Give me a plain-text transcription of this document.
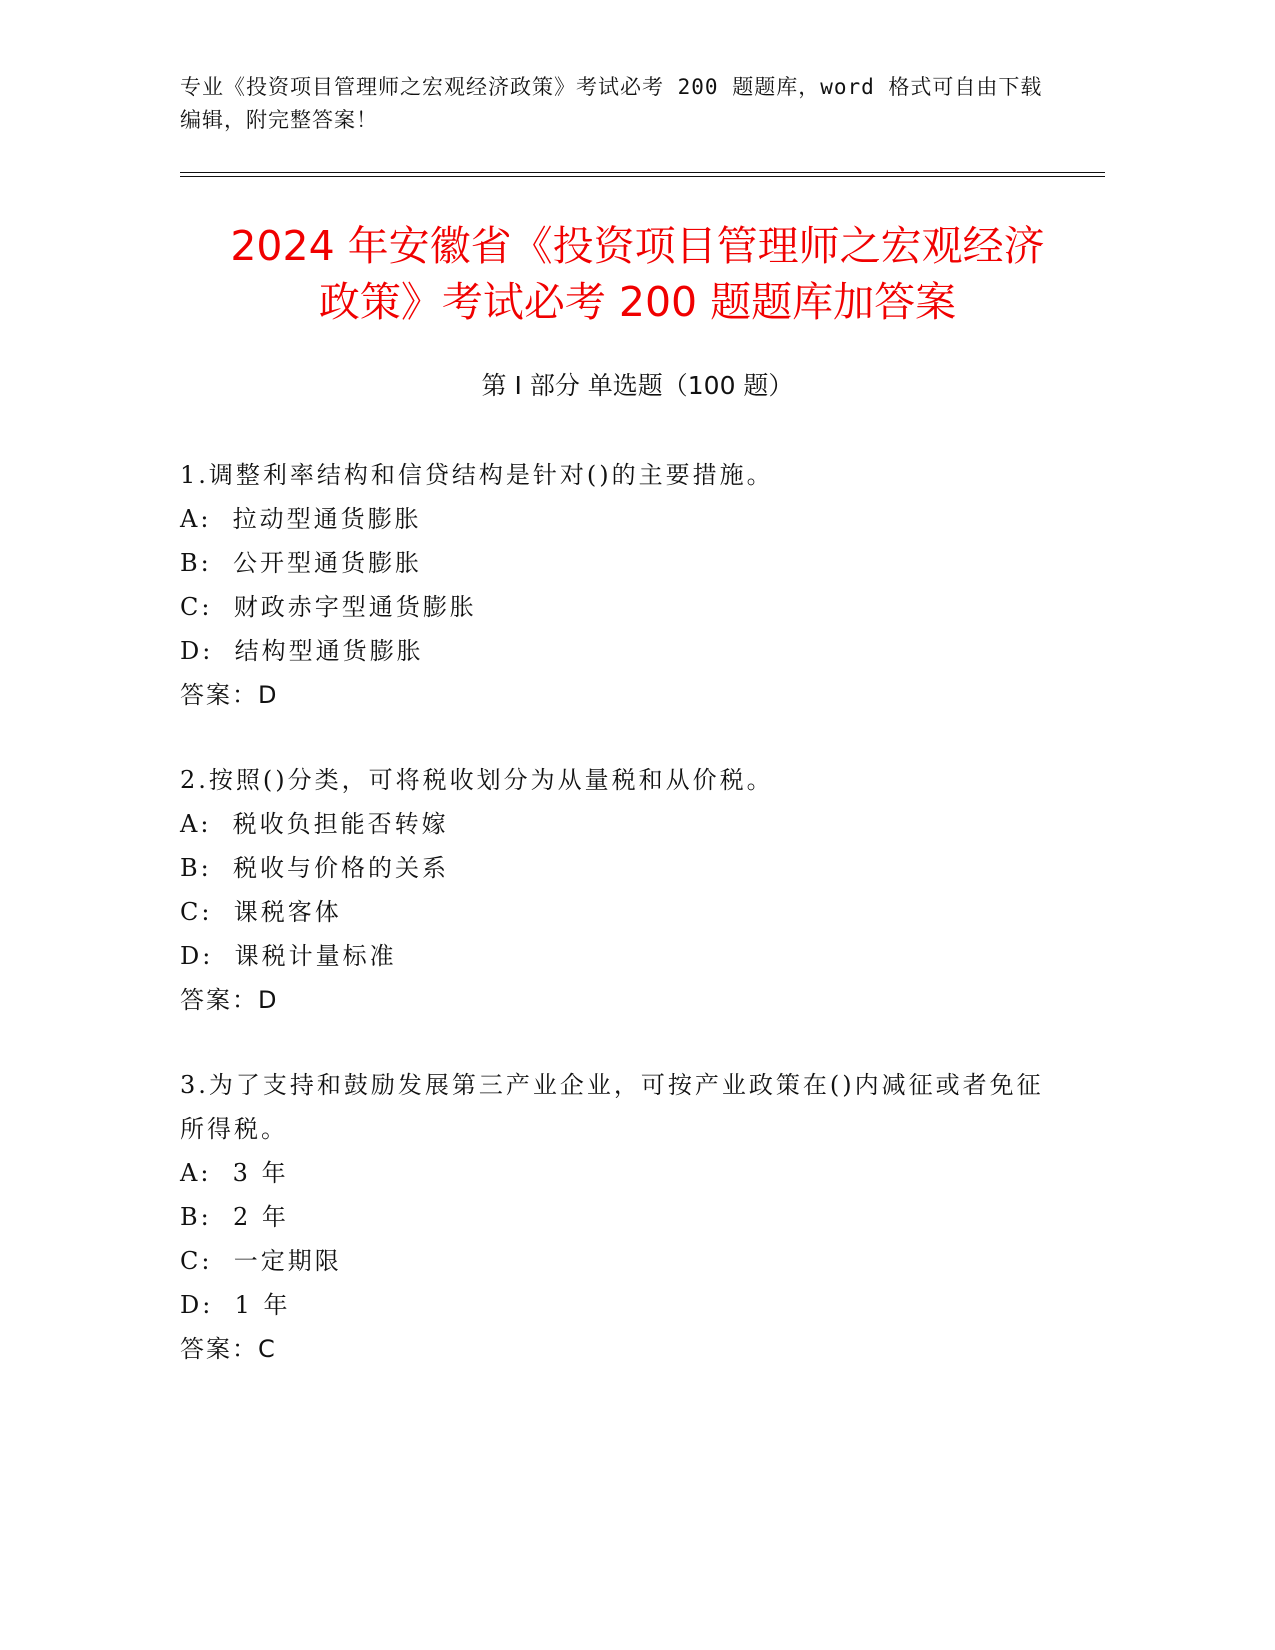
专业《投资项目管理师之宏观经济政策》考试必考 200 题题库，word 格式可自由下载编辑，附完整答案！
2024 年安徽省《投资项目管理师之宏观经济
政策》考试必考 200 题题库加答案
第 I 部分 单选题（100 题）
1.调整利率结构和信贷结构是针对()的主要措施。
A:  拉动型通货膨胀
B:  公开型通货膨胀
C:  财政赤字型通货膨胀
D:  结构型通货膨胀
答案：D
2.按照()分类，可将税收划分为从量税和从价税。
A:  税收负担能否转嫁
B:  税收与价格的关系
C:  课税客体
D:  课税计量标准
答案：D
3.为了支持和鼓励发展第三产业企业，可按产业政策在()内减征或者免征所得税。
A:  3 年
B:  2 年
C:  一定期限
D:  1 年
答案：C
